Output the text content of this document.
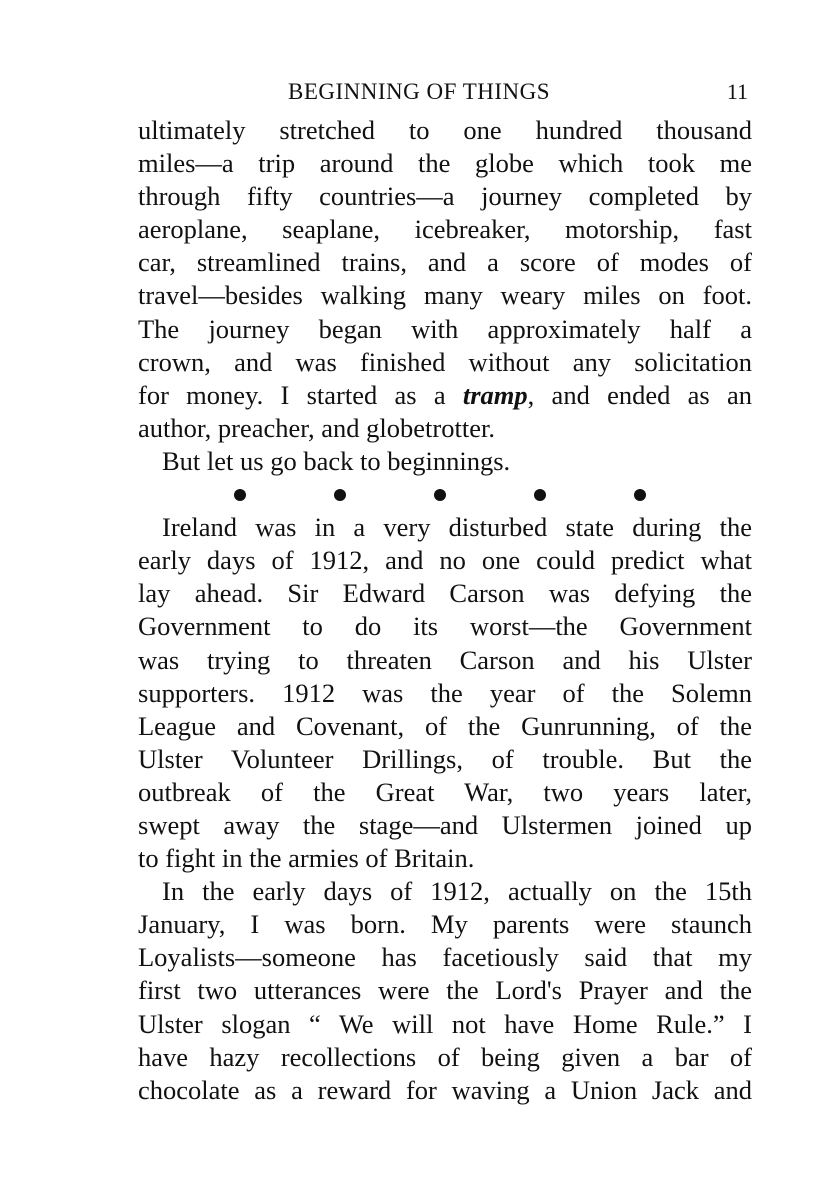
BEGINNING OF THINGS	11
ultimately stretched to one hundred thousand
miles—a trip around the globe which took me
through fifty countries—a journey completed by
aeroplane, seaplane, icebreaker, motorship, fast
car, streamlined trains, and a score of modes of
travel—besides walking many weary miles on foot.
The journey began with approximately half a
crown, and was finished without any solicitation
for money. I started as a tramp, and ended as an
author, preacher, and globetrotter.
But let us go back to beginnings.
Ireland was in a very disturbed state during the
early days of 1912, and no one could predict what
lay ahead. Sir Edward Carson was defying the
Government to do its worst—the Government
was trying to threaten Carson and his Ulster
supporters. 1912 was the year of the Solemn
League and Covenant, of the Gunrunning, of the
Ulster Volunteer Drillings, of trouble. But the
outbreak of the Great War, two years later,
swept away the stage—and Ulstermen joined up
to fight in the armies of Britain.
In the early days of 1912, actually on the 15th
January, I was born. My parents were staunch
Loyalists—someone has facetiously said that my
first two utterances were the Lord's Prayer and the
Ulster slogan “ We will not have Home Rule.” I
have hazy recollections of being given a bar of
chocolate as a reward for waving a Union Jack and
